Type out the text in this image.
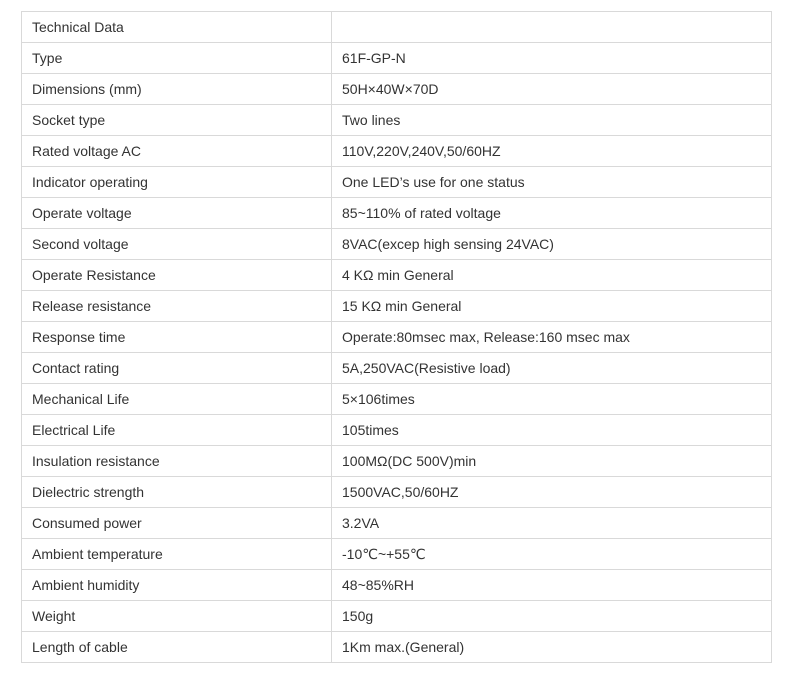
Technical Data	
Type	61F-GP-N
Dimensions (mm)	50H×40W×70D
Socket type	Two lines
Rated voltage AC	110V,220V,240V,50/60HZ
Indicator operating	One LED’s use for one status
Operate voltage	85~110% of rated voltage
Second voltage	8VAC(excep high sensing 24VAC)
Operate Resistance	4 KΩ min General
Release resistance	15 KΩ min General
Response time	Operate:80msec max, Release:160 msec max
Contact rating	5A,250VAC(Resistive load)
Mechanical Life	5×106times
Electrical Life	105times
Insulation resistance	100MΩ(DC 500V)min
Dielectric strength	1500VAC,50/60HZ
Consumed power	3.2VA
Ambient temperature	-10℃~+55℃
Ambient humidity	48~85%RH
Weight	150g
Length of cable	1Km max.(General)
